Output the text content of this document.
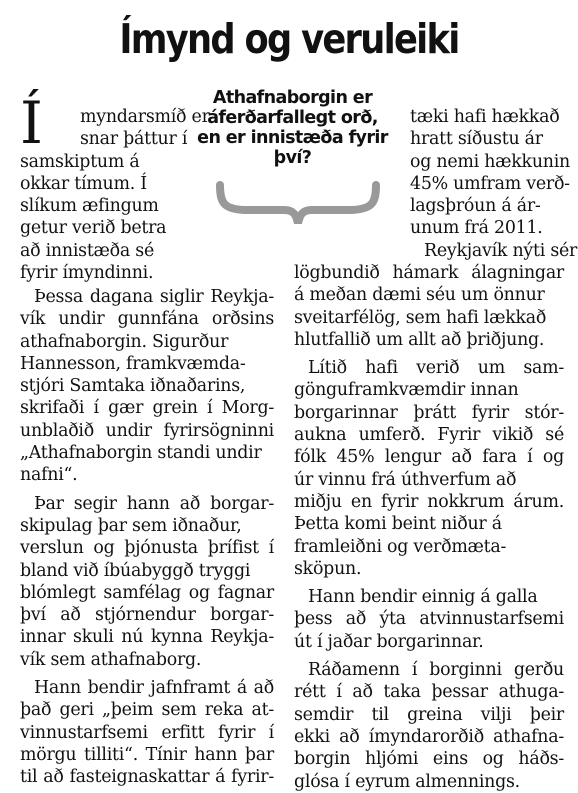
Ímynd og veruleiki
Í myndarsmíð er
snar þáttur í
samskiptum á
okkar tímum. Í
slíkum æfingum
getur verið betra
að innistæða sé
fyrir ímyndinni.
Þessa dagana siglir Reykja-
vík undir gunnfána orðsins
athafnaborgin. Sigurður
Hannesson, framkvæmda-
stjóri Samtaka iðnaðarins,
skrifaði í gær grein í Morg-
unblaðið undir fyrirsögninni
„Athafnaborgin standi undir
nafni“.
Þar segir hann að borgar-
skipulag þar sem iðnaður,
verslun og þjónusta þrífist í
bland við íbúabyggð tryggi
blómlegt samfélag og fagnar
því að stjórnendur borgar-
innar skuli nú kynna Reykja-
vík sem athafnaborg.
Hann bendir jafnframt á að
það geri „þeim sem reka at-
vinnustarfsemi erfitt fyrir í
mörgu tilliti“. Tínir hann þar
til að fasteignaskattar á fyrir-
Athafnaborgin er
áferðarfallegt orð,
en er innistæða fyrir
því?
tæki hafi hækkað
hratt síðustu ár
og nemi hækkunin
45% umfram verð-
lagsþróun á ár-
unum frá 2011.
Reykjavík nýti sér
lögbundið hámark álagningar
á meðan dæmi séu um önnur
sveitarfélög, sem hafi lækkað
hlutfallið um allt að þriðjung.
Lítið hafi verið um sam-
gönguframkvæmdir innan
borgarinnar þrátt fyrir stór-
aukna umferð. Fyrir vikið sé
fólk 45% lengur að fara í og
úr vinnu frá úthverfum að
miðju en fyrir nokkrum árum.
Þetta komi beint niður á
framleiðni og verðmæta-
sköpun.
Hann bendir einnig á galla
þess að ýta atvinnustarfsemi
út í jaðar borgarinnar.
Ráðamenn í borginni gerðu
rétt í að taka þessar athuga-
semdir til greina vilji þeir
ekki að ímyndarorðið athafna-
borgin hljómi eins og háðs-
glósa í eyrum almennings.
